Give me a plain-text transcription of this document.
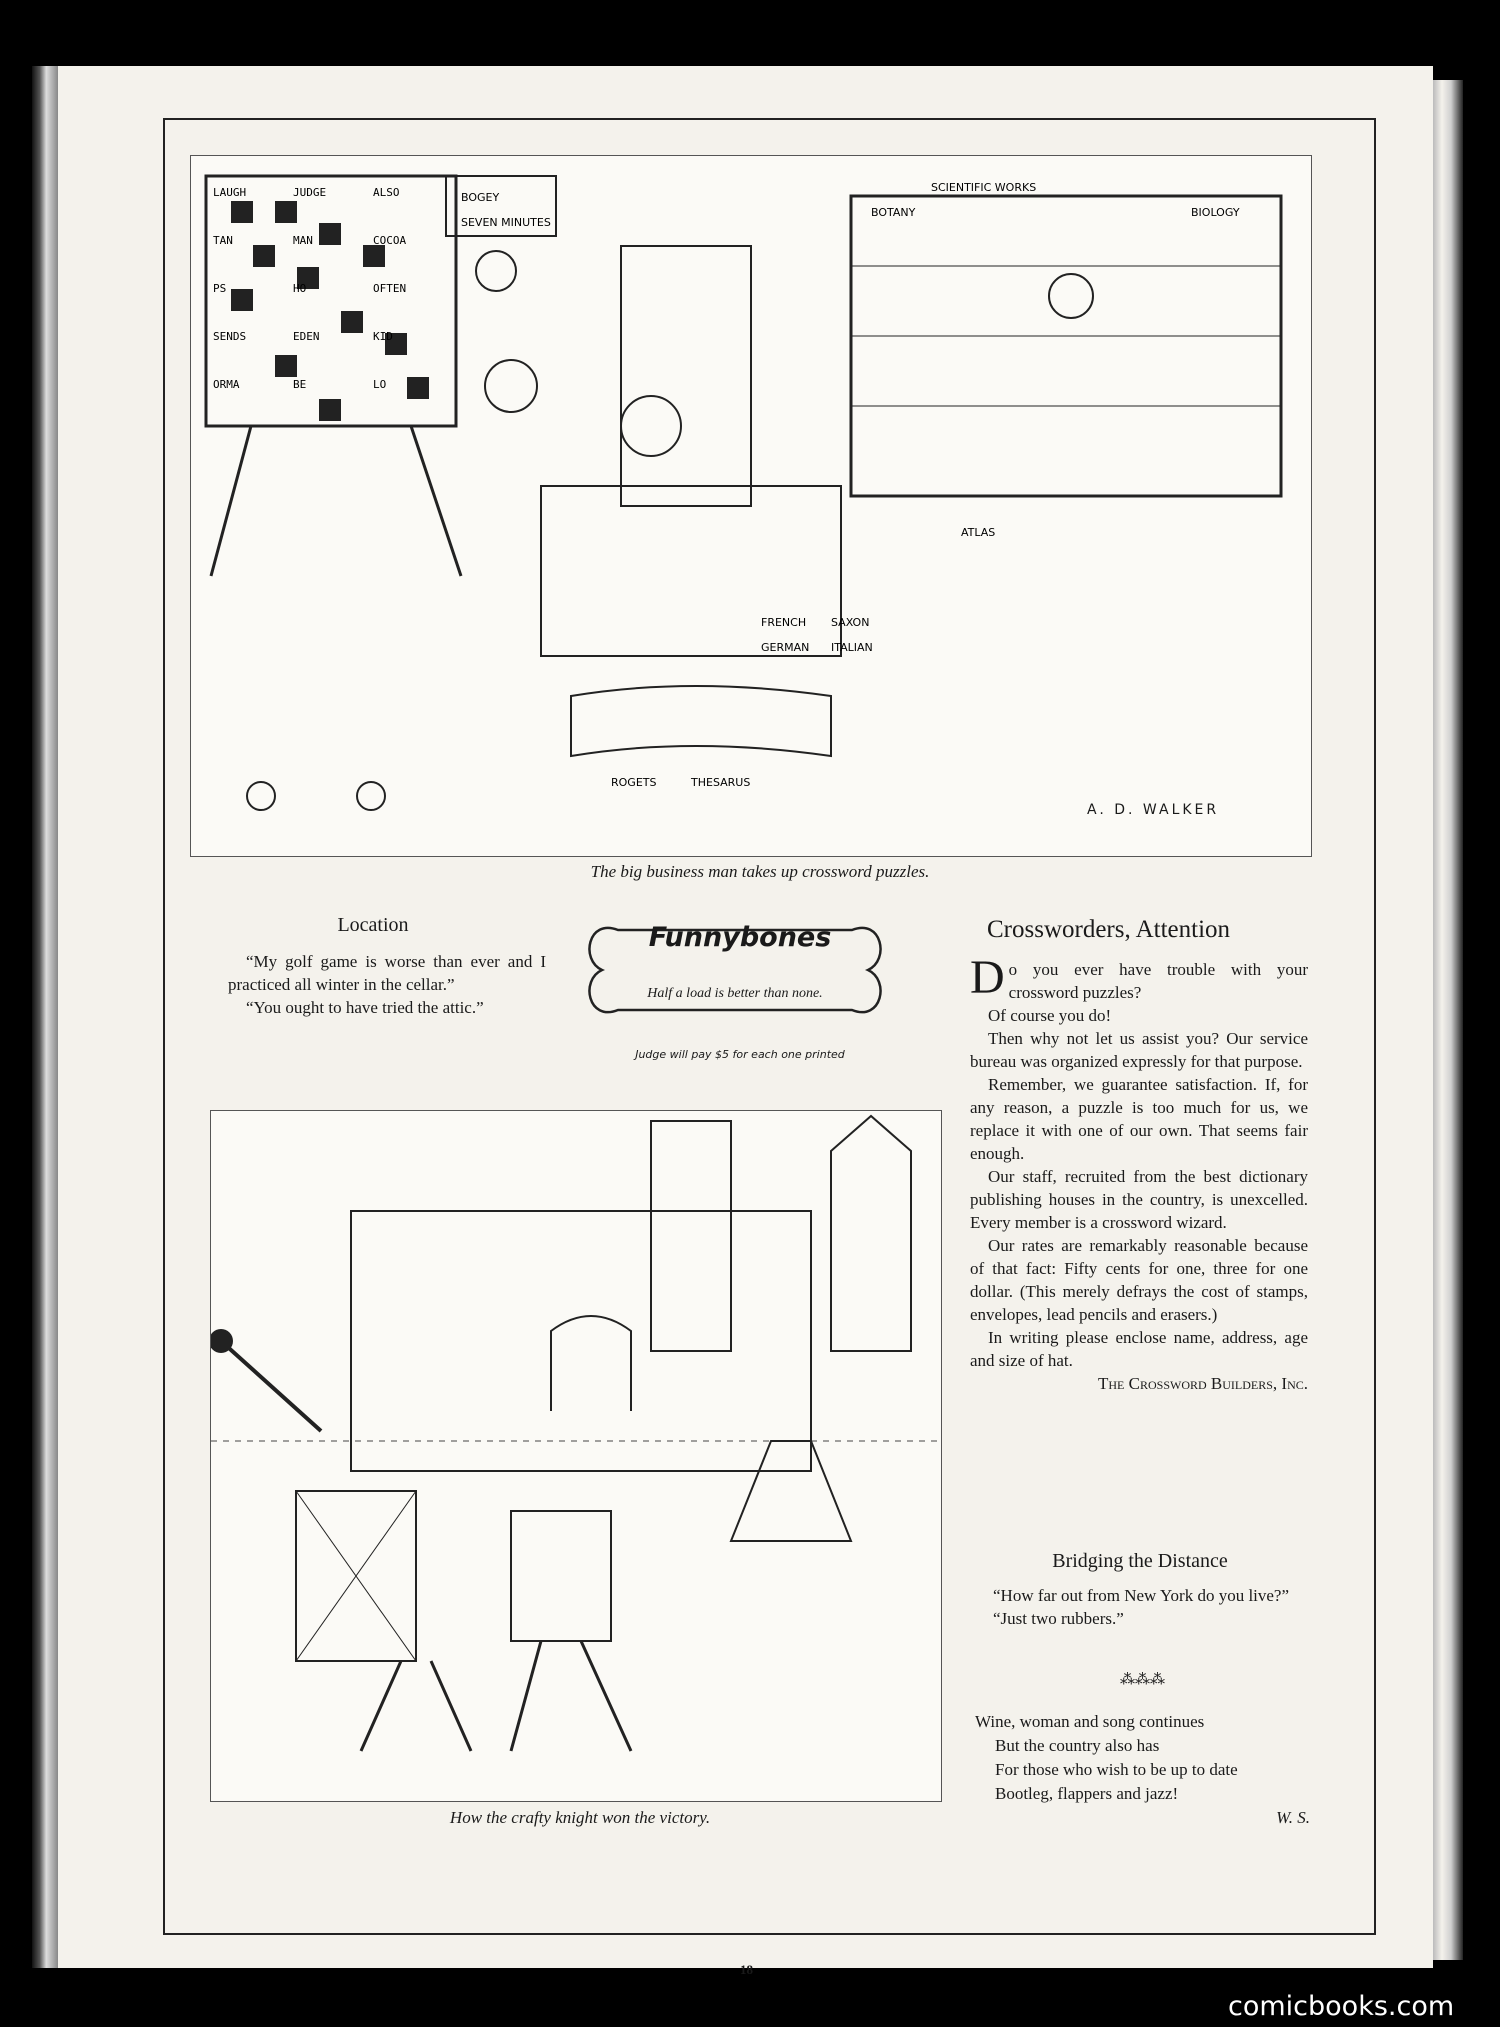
BOGEY
SEVEN MINUTES
SCIENTIFIC WORKS
BOTANY	BIOLOGY
FRENCH SAXON
GERMAN ITALIAN
ROGETS	THESARUS
ATLAS
LAUGH	JUDGE	ALSO
TAN	MAN	COCOA
PS	HO	OFTEN
SENDS	EDEN	KID
ORMA	BE	LO
A. D. WALKER
The big business man takes up crossword puzzles.
Location

“My golf game is worse than ever and I practiced all winter in the cellar.”

“You ought to have tried the attic.”

Funnybones
Half a load is better than none.
Judge will pay $5 for each one printed
Crossworders, Attention
Do you ever have trouble with your crossword puzzles?

Of course you do!

Then why not let us assist you? Our service bureau was organized expressly for that purpose.

Remember, we guarantee satisfaction. If, for any reason, a puzzle is too much for us, we replace it with one of our own. That seems fair enough.

Our staff, recruited from the best dictionary publishing houses in the country, is unexcelled. Every member is a crossword wizard.

Our rates are remarkably reasonable because of that fact: Fifty cents for one, three for one dollar. (This merely defrays the cost of stamps, envelopes, lead pencils and erasers.)

In writing please enclose name, address, age and size of hat.

The Crossword Builders, Inc.
Bridging the Distance

“How far out from New York do you live?”

“Just two rubbers.”

⁂⁂⁂
Wine, woman and song continues
But the country also has
For those who wish to be up to date
Bootleg, flappers and jazz!
W. S.
How the crafty knight won the victory.
18
comicbooks.com
